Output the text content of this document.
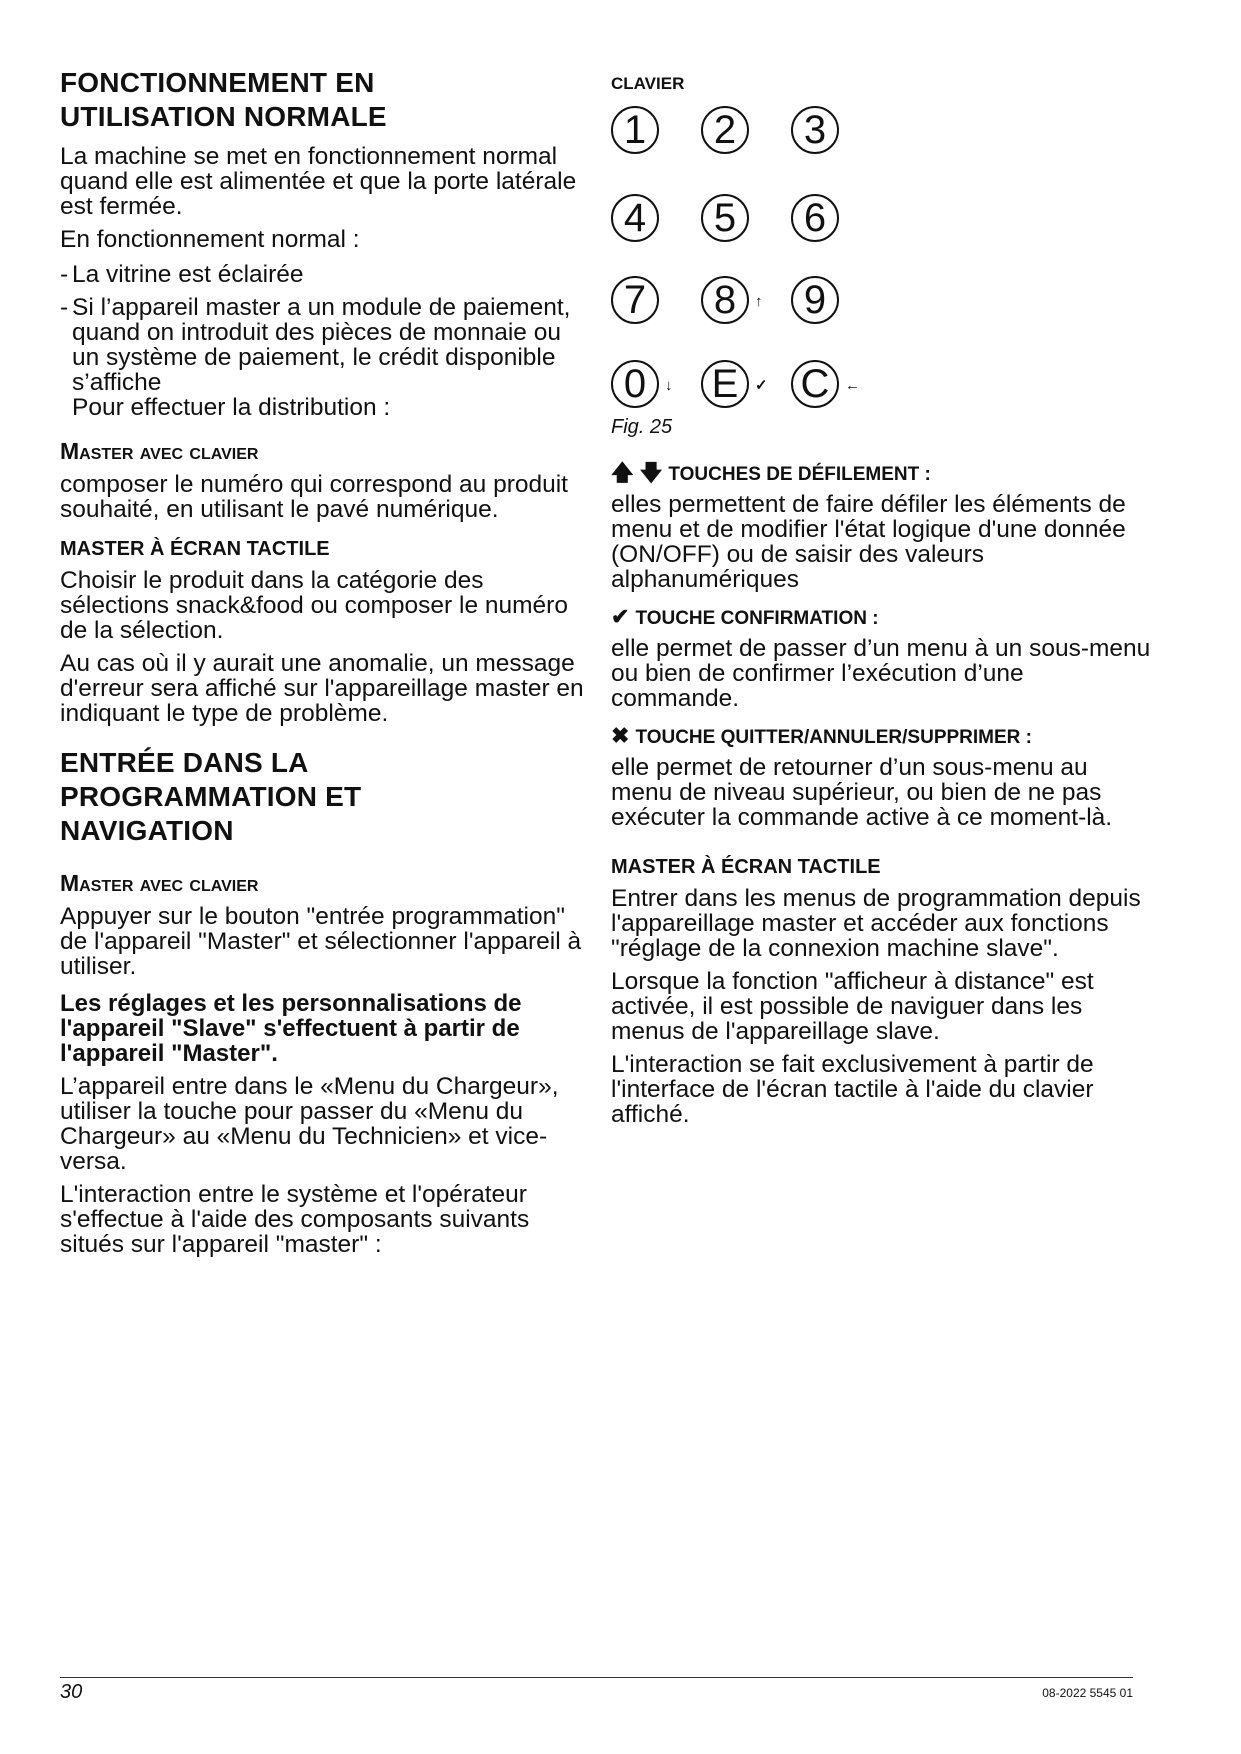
FONCTIONNEMENT EN
UTILISATION NORMALE

La machine se met en fonctionnement normal quand elle est alimentée et que la porte latérale est fermée.

En fonctionnement normal :

- La vitrine est éclairée
- Si l’appareil master a un module de paiement, quand on introduit des pièces de monnaie ou un système de paiement, le crédit disponible s’affiche

Pour effectuer la distribution :

Master avec clavier

composer le numéro qui correspond au produit souhaité, en utilisant le pavé numérique.

MASTER À ÉCRAN TACTILE

Choisir le produit dans la catégorie des sélections snack&food ou composer le numéro de la sélection.

Au cas où il y aurait une anomalie, un message d'erreur sera affiché sur l'appareillage master en indiquant le type de problème.

ENTRÉE DANS LA
PROGRAMMATION ET
NAVIGATION
Master avec clavier

Appuyer sur le bouton "entrée programmation" de l'appareil "Master" et sélectionner l'appareil à utiliser.

Les réglages et les personnalisations de l'appareil "Slave" s'effectuent à partir de l'appareil "Master".

L’appareil entre dans le «Menu du Chargeur», utiliser la touche pour passer du «Menu du Chargeur» au «Menu du Technicien» et vice-versa.

L'interaction entre le système et l'opérateur s'effectue à l'aide des composants suivants situés sur l'appareil "master" :

CLAVIER
1	2	3
4	5	6
7	8	↑	9
0	↓ E	✓ C	←
Fig. 25
🡅 🡇 TOUCHES DE DÉFILEMENT :

elles permettent de faire défiler les éléments de menu et de modifier l'état logique d'une donnée (ON/OFF) ou de saisir des valeurs alphanumériques

✔ TOUCHE CONFIRMATION :

elle permet de passer d’un menu à un sous-menu ou bien de confirmer l’exécution d’une commande.

✖ TOUCHE QUITTER/ANNULER/SUPPRIMER :

elle permet de retourner d’un sous-menu au menu de niveau supérieur, ou bien de ne pas exécuter la commande active à ce moment-là.

MASTER À ÉCRAN TACTILE

Entrer dans les menus de programmation depuis l'appareillage master et accéder aux fonctions "réglage de la connexion machine slave".

Lorsque la fonction "afficheur à distance" est activée, il est possible de naviguer dans les menus de l'appareillage slave.

L'interaction se fait exclusivement à partir de l'interface de l'écran tactile à l'aide du clavier affiché.

30	08-2022 5545 01
